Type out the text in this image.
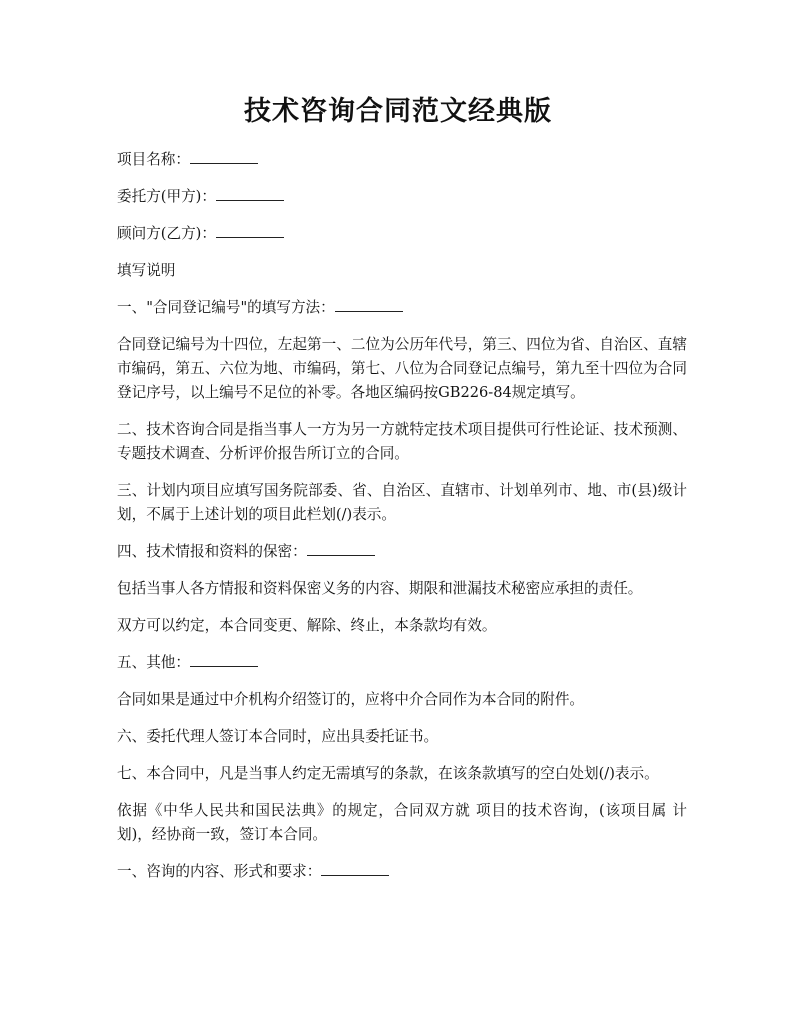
技术咨询合同范文经典版

项目名称：

委托方(甲方)：

顾问方(乙方)：

填写说明

一、"合同登记编号"的填写方法：

合同登记编号为十四位，左起第一、二位为公历年代号，第三、四位为省、自治区、直辖市编码，第五、六位为地、市编码，第七、八位为合同登记点编号，第九至十四位为合同登记序号，以上编号不足位的补零。各地区编码按GB226-84规定填写。

二、技术咨询合同是指当事人一方为另一方就特定技术项目提供可行性论证、技术预测、专题技术调查、分析评价报告所订立的合同。

三、计划内项目应填写国务院部委、省、自治区、直辖市、计划单列市、地、市(县)级计划，不属于上述计划的项目此栏划(/)表示。

四、技术情报和资料的保密：

包括当事人各方情报和资料保密义务的内容、期限和泄漏技术秘密应承担的责任。

双方可以约定，本合同变更、解除、终止，本条款均有效。

五、其他：

合同如果是通过中介机构介绍签订的，应将中介合同作为本合同的附件。

六、委托代理人签订本合同时，应出具委托证书。

七、本合同中，凡是当事人约定无需填写的条款，在该条款填写的空白处划(/)表示。

依据《中华人民共和国民法典》的规定，合同双方就 项目的技术咨询，(该项目属 计划)，经协商一致，签订本合同。

一、咨询的内容、形式和要求：
